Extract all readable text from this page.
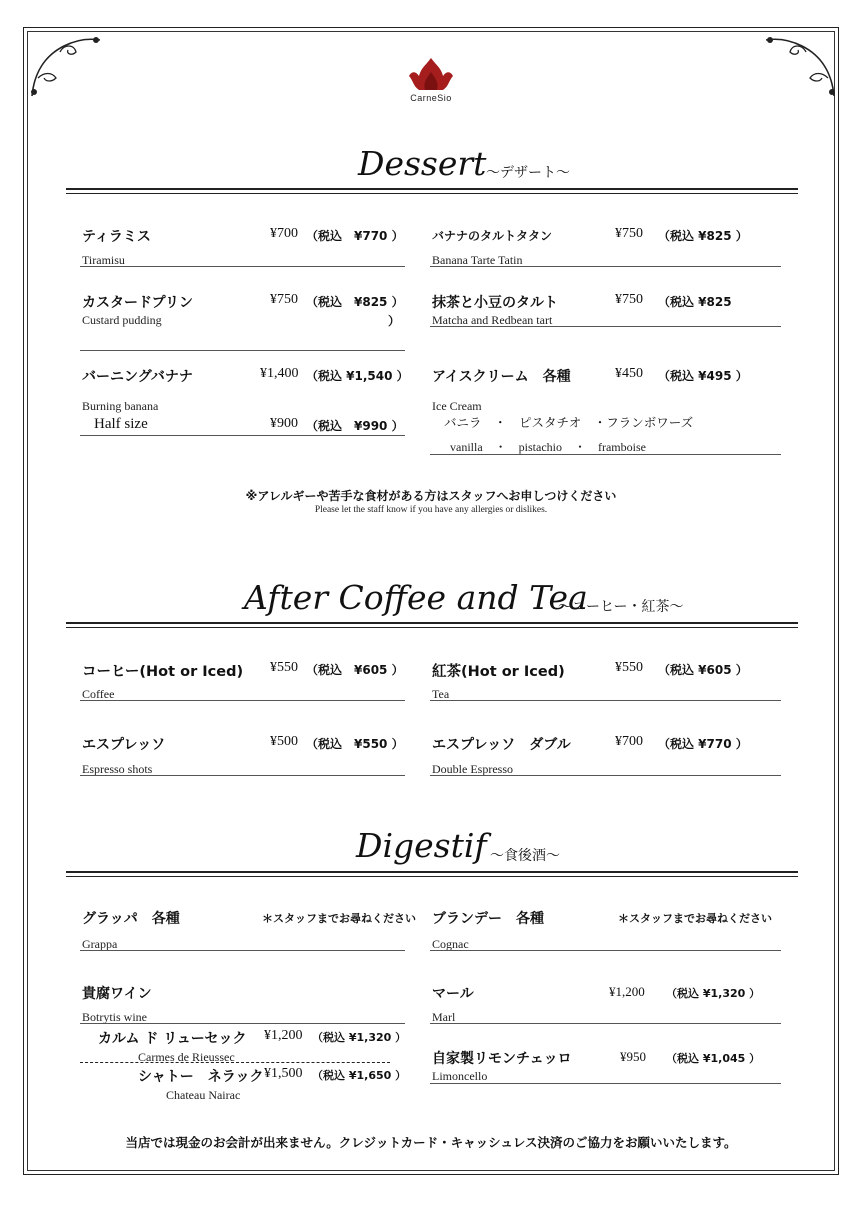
CarneSio
Dessert ～デザート～
ティラミス	¥700 （税込　¥770 ）
Tiramisu
バナナのタルトタタン	¥750 （税込 ¥825 ）
Banana Tarte Tatin
カスタードプリン	¥750 （税込　¥825 ）
Custard pudding	）
抹茶と小豆のタルト	¥750 （税込 ¥825
Matcha and Redbean tart
バーニングバナナ	¥1,400 （税込 ¥1,540 ）
Burning banana
Half size	¥900 （税込　¥990 ）
アイスクリーム　各種	¥450 （税込 ¥495 ）
Ice Cream
バニラ　・　ピスタチオ　・フランボワーズ
vanilla　・　pistachio　・　framboise
※アレルギーや苦手な食材がある方はスタッフへお申しつけください
Please let the staff know if you have any allergies or dislikes.
After Coffee and Tea
～コーヒー・紅茶～
コーヒー(Hot or Iced) ¥550 （税込　¥605 ）
Coffee
紅茶(Hot or Iced)	¥550 （税込 ¥605 ）
Tea
エスプレッソ	¥500 （税込　¥550 ）
Espresso shots
エスプレッソ　ダブル	¥700 （税込 ¥770 ）
Double Espresso
Digestif ～食後酒～
グラッパ　各種	＊スタッフまでお尋ねください
Grappa
ブランデー　各種	＊スタッフまでお尋ねください
Cognac
貴腐ワイン
Botrytis wine
カルム ド リューセック ¥1,200 （税込 ¥1,320 ）
Carmes de Rieussec
シャトー　ネラック ¥1,500 （税込 ¥1,650 ）
Chateau Nairac
マール	¥1,200 （税込 ¥1,320 ）
Marl
自家製リモンチェッロ	¥950 （税込 ¥1,045 ）
Limoncello
当店では現金のお会計が出来ません。クレジットカード・キャッシュレス決済のご協力をお願いいたします。
